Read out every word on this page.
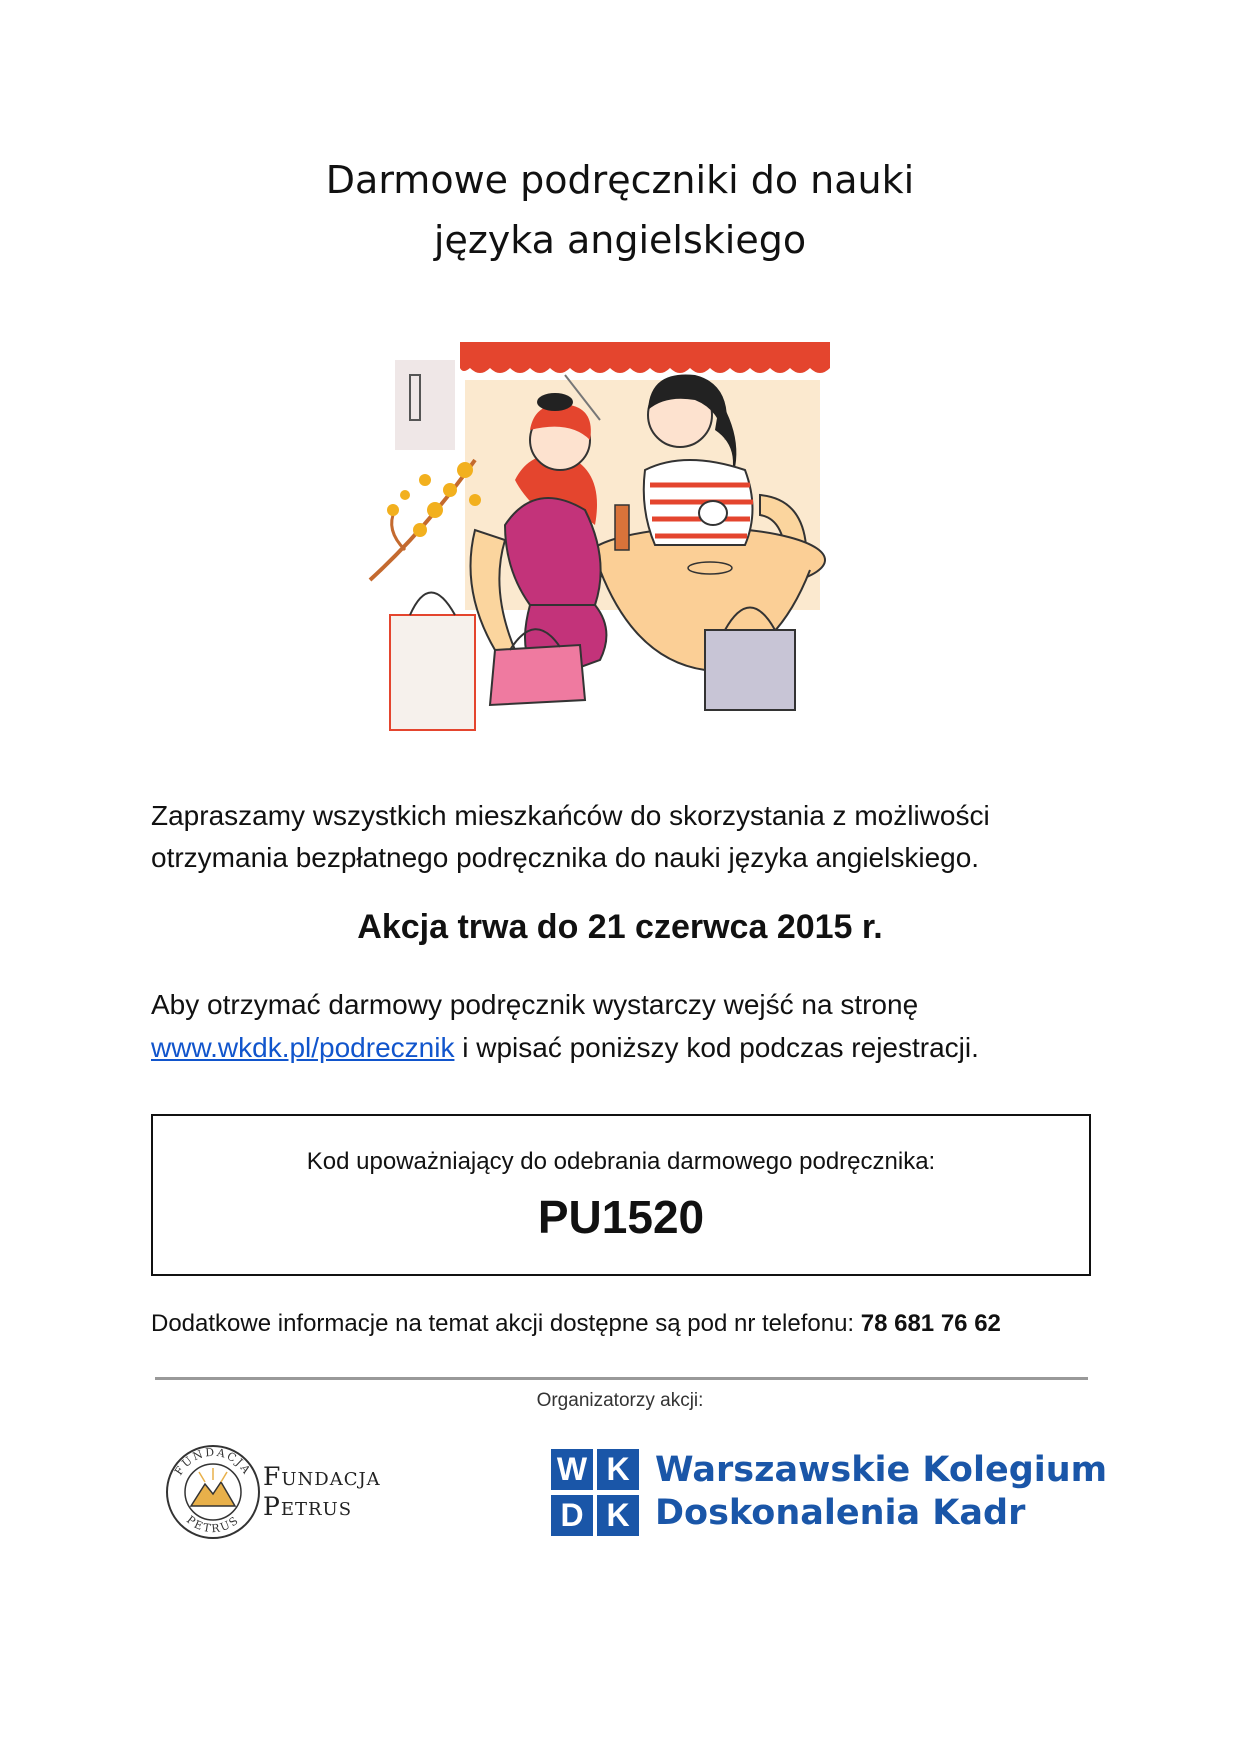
Darmowe podręczniki do nauki
języka angielskiego
Zapraszamy wszystkich mieszkańców do skorzystania z możliwości
otrzymania bezpłatnego podręcznika do nauki języka angielskiego.
Akcja trwa do 21 czerwca 2015 r.
Aby otrzymać darmowy podręcznik wystarczy wejść na stronę
www.wkdk.pl/podrecznik i wpisać poniższy kod podczas rejestracji.
Kod upoważniający do odebrania darmowego podręcznika:
PU1520
Dodatkowe informacje na temat akcji dostępne są pod nr telefonu: 78 681 76 62
Organizatorzy akcji:
FUNDACJA
PETRUS
Fundacja
Petrus
W K
D K
Warszawskie Kolegium
Doskonalenia Kadr
